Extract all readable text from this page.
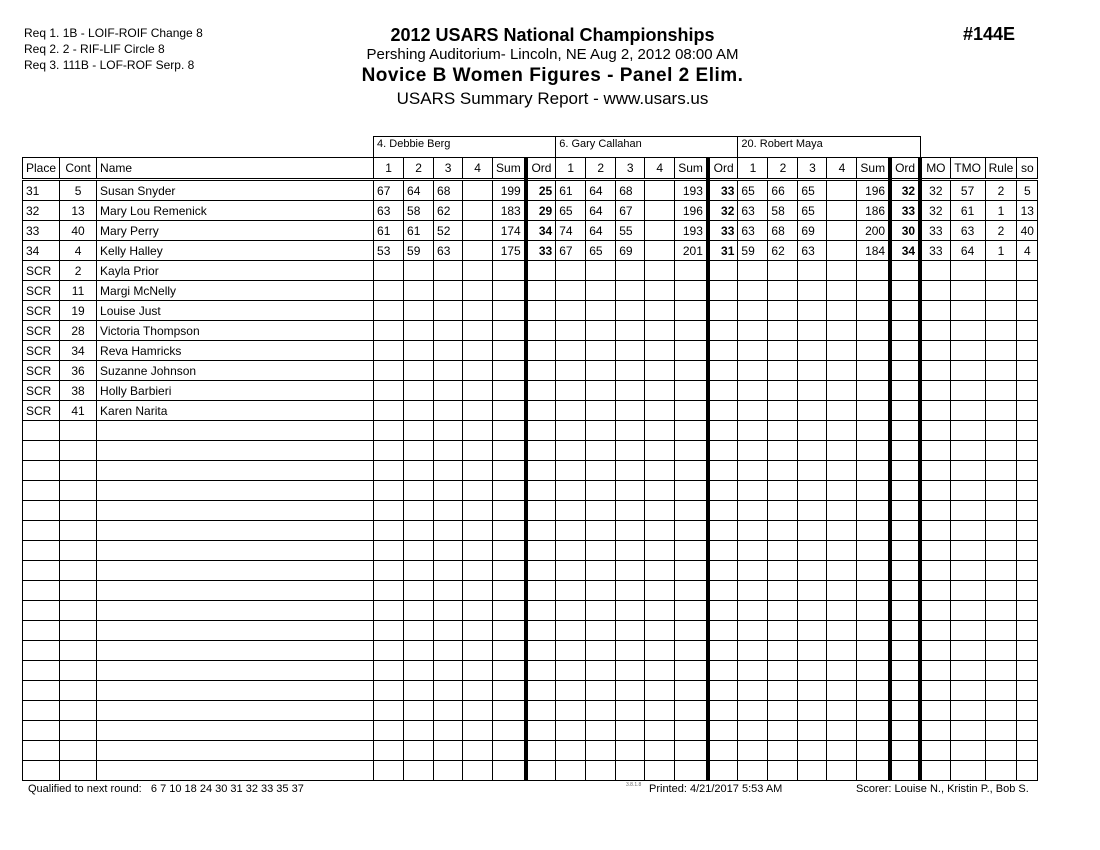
Req 1. 1B - LOIF-ROIF Change 8
Req 2. 2 - RIF-LIF Circle 8
Req 3. 111B - LOF-ROF Serp. 8
2012 USARS National Championships
Pershing Auditorium- Lincoln, NE Aug 2, 2012 08:00 AM
Novice B Women Figures - Panel 2 Elim.
USARS Summary Report - www.usars.us
#144E
			4. Debbie Berg						6. Gary Callahan						20. Robert Maya									
Place	Cont	Name	1	2	3	4	Sum	Ord	1	2	3	4	Sum	Ord	1	2	3	4	Sum	Ord	MO	TMO	Rule	so
31	5	Susan Snyder	67	64	68		199	25	61	64	68		193	33	65	66	65		196	32	32	57	2	5
32	13	Mary Lou Remenick	63	58	62		183	29	65	64	67		196	32	63	58	65		186	33	32	61	1	13
33	40	Mary Perry	61	61	52		174	34	74	64	55		193	33	63	68	69		200	30	33	63	2	40
34	4	Kelly Halley	53	59	63		175	33	67	65	69		201	31	59	62	63		184	34	33	64	1	4
SCR	2	Kayla Prior																						
SCR	11	Margi McNelly																						
SCR	19	Louise Just																						
SCR	28	Victoria Thompson																						
SCR	34	Reva Hamricks																						
SCR	36	Suzanne Johnson																						
SCR	38	Holly Barbieri																						
SCR	41	Karen Narita																						

Qualified to next round: 6 7 10 18 24 30 31 32 33 35 37	3.8.1.8 Printed: 4/21/2017 5:53 AM	Scorer: Louise N., Kristin P., Bob S.
